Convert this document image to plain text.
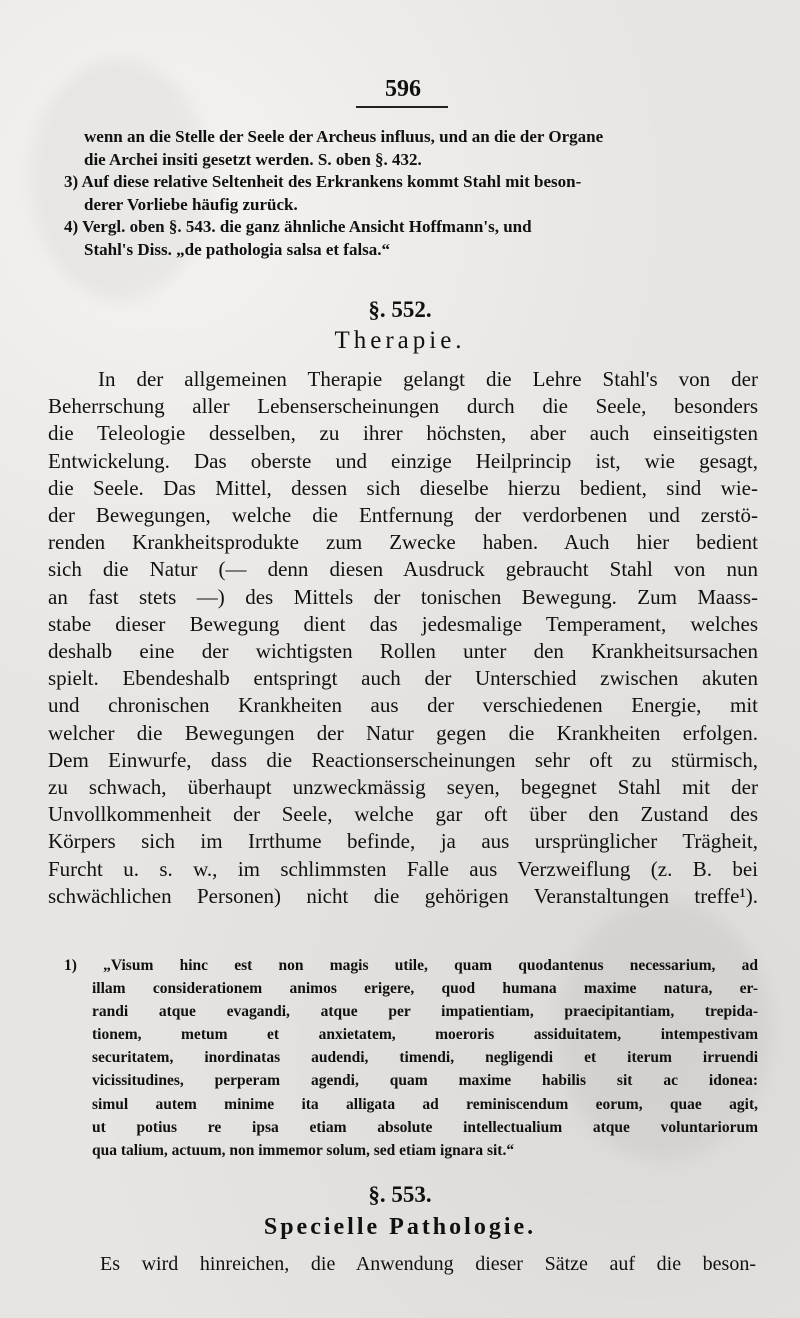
596

wenn an die Stelle der Seele der Archeus influus, und an die der Organe

die Archei insiti gesetzt werden. S. oben §. 432.

3) Auf diese relative Seltenheit des Erkrankens kommt Stahl mit beson-

derer Vorliebe häufig zurück.

4) Vergl. oben §. 543. die ganz ähnliche Ansicht Hoffmann's, und

Stahl's Diss. „de pathologia salsa et falsa.“

§. 552.
Therapie.
In der allgemeinen Therapie gelangt die Lehre Stahl's von der
Beherrschung aller Lebenserscheinungen durch die Seele, besonders
die Teleologie desselben, zu ihrer höchsten, aber auch einseitigsten
Entwickelung. Das oberste und einzige Heilprincip ist, wie gesagt,
die Seele. Das Mittel, dessen sich dieselbe hierzu bedient, sind wie-
der Bewegungen, welche die Entfernung der verdorbenen und zerstö-
renden Krankheitsprodukte zum Zwecke haben. Auch hier bedient
sich die Natur (— denn diesen Ausdruck gebraucht Stahl von nun
an fast stets —) des Mittels der tonischen Bewegung. Zum Maass-
stabe dieser Bewegung dient das jedesmalige Temperament, welches
deshalb eine der wichtigsten Rollen unter den Krankheitsursachen
spielt. Ebendeshalb entspringt auch der Unterschied zwischen akuten
und chronischen Krankheiten aus der verschiedenen Energie, mit
welcher die Bewegungen der Natur gegen die Krankheiten erfolgen.
Dem Einwurfe, dass die Reactionserscheinungen sehr oft zu stürmisch,
zu schwach, überhaupt unzweckmässig seyen, begegnet Stahl mit der
Unvollkommenheit der Seele, welche gar oft über den Zustand des
Körpers sich im Irrthume befinde, ja aus ursprünglicher Trägheit,
Furcht u. s. w., im schlimmsten Falle aus Verzweiflung (z. B. bei
schwächlichen Personen) nicht die gehörigen Veranstaltungen treffe¹).
1) „Visum hinc est non magis utile, quam quodantenus necessarium, ad
illam considerationem animos erigere, quod humana maxime natura, er-
randi atque evagandi, atque per impatientiam, praecipitantiam, trepida-
tionem, metum et anxietatem, moeroris assiduitatem, intempestivam
securitatem, inordinatas audendi, timendi, negligendi et iterum irruendi
vicissitudines, perperam agendi, quam maxime habilis sit ac idonea:
simul autem minime ita alligata ad reminiscendum eorum, quae agit,
ut potius re ipsa etiam absolute intellectualium atque voluntariorum
qua talium, actuum, non immemor solum, sed etiam ignara sit.“
§. 553.
Specielle Pathologie.
Es wird hinreichen, die Anwendung dieser Sätze auf die beson-
